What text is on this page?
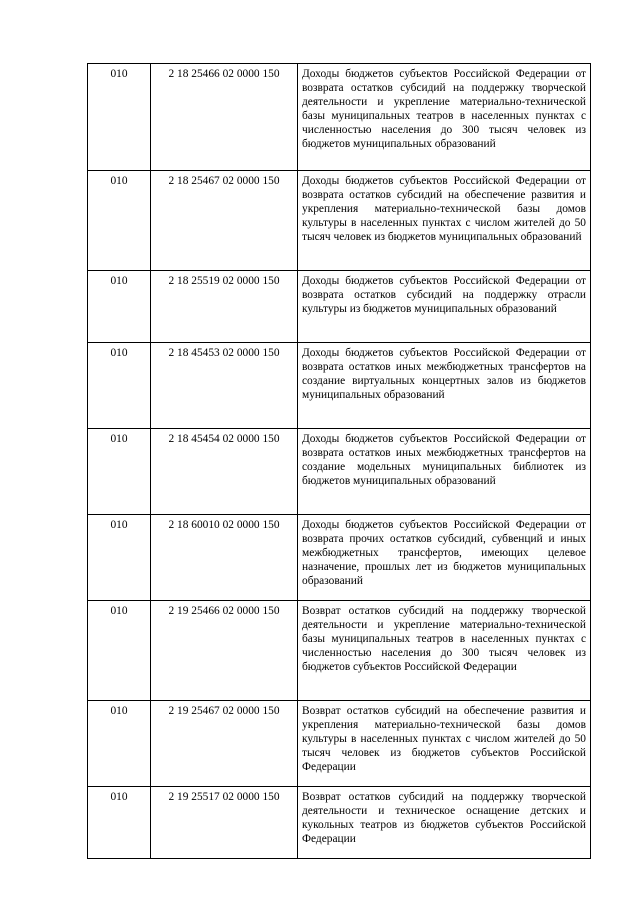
010	2 18 25466 02 0000 150	Доходы бюджетов субъектов Российской Федерации от возврата остатков субсидий на поддержку творческой деятельности и укрепление материально-технической базы муниципальных театров в населенных пунктах с численностью населения до 300 тысяч человек из бюджетов муниципальных образований
010	2 18 25467 02 0000 150	Доходы бюджетов субъектов Российской Федерации от возврата остатков субсидий на обеспечение развития и укрепления материально-технической базы домов культуры в населенных пунктах с числом жителей до 50 тысяч человек из бюджетов муниципальных образований
010	2 18 25519 02 0000 150	Доходы бюджетов субъектов Российской Федерации от возврата остатков субсидий на поддержку отрасли культуры из бюджетов муниципальных образований
010	2 18 45453 02 0000 150	Доходы бюджетов субъектов Российской Федерации от возврата остатков иных межбюджетных трансфертов на создание виртуальных концертных залов из бюджетов муниципальных образований
010	2 18 45454 02 0000 150	Доходы бюджетов субъектов Российской Федерации от возврата остатков иных межбюджетных трансфертов на создание модельных муниципальных библиотек из бюджетов муниципальных образований
010	2 18 60010 02 0000 150	Доходы бюджетов субъектов Российской Федерации от возврата прочих остатков субсидий, субвенций и иных межбюджетных трансфертов, имеющих целевое назначение, прошлых лет из бюджетов муниципальных образований
010	2 19 25466 02 0000 150	Возврат остатков субсидий на поддержку творческой деятельности и укрепление материально-технической базы муниципальных театров в населенных пунктах с численностью населения до 300 тысяч человек из бюджетов субъектов Российской Федерации
010	2 19 25467 02 0000 150	Возврат остатков субсидий на обеспечение развития и укрепления материально-технической базы домов культуры в населенных пунктах с числом жителей до 50 тысяч человек из бюджетов субъектов Российской Федерации
010	2 19 25517 02 0000 150	Возврат остатков субсидий на поддержку творческой деятельности и техническое оснащение детских и кукольных театров из бюджетов субъектов Российской Федерации
